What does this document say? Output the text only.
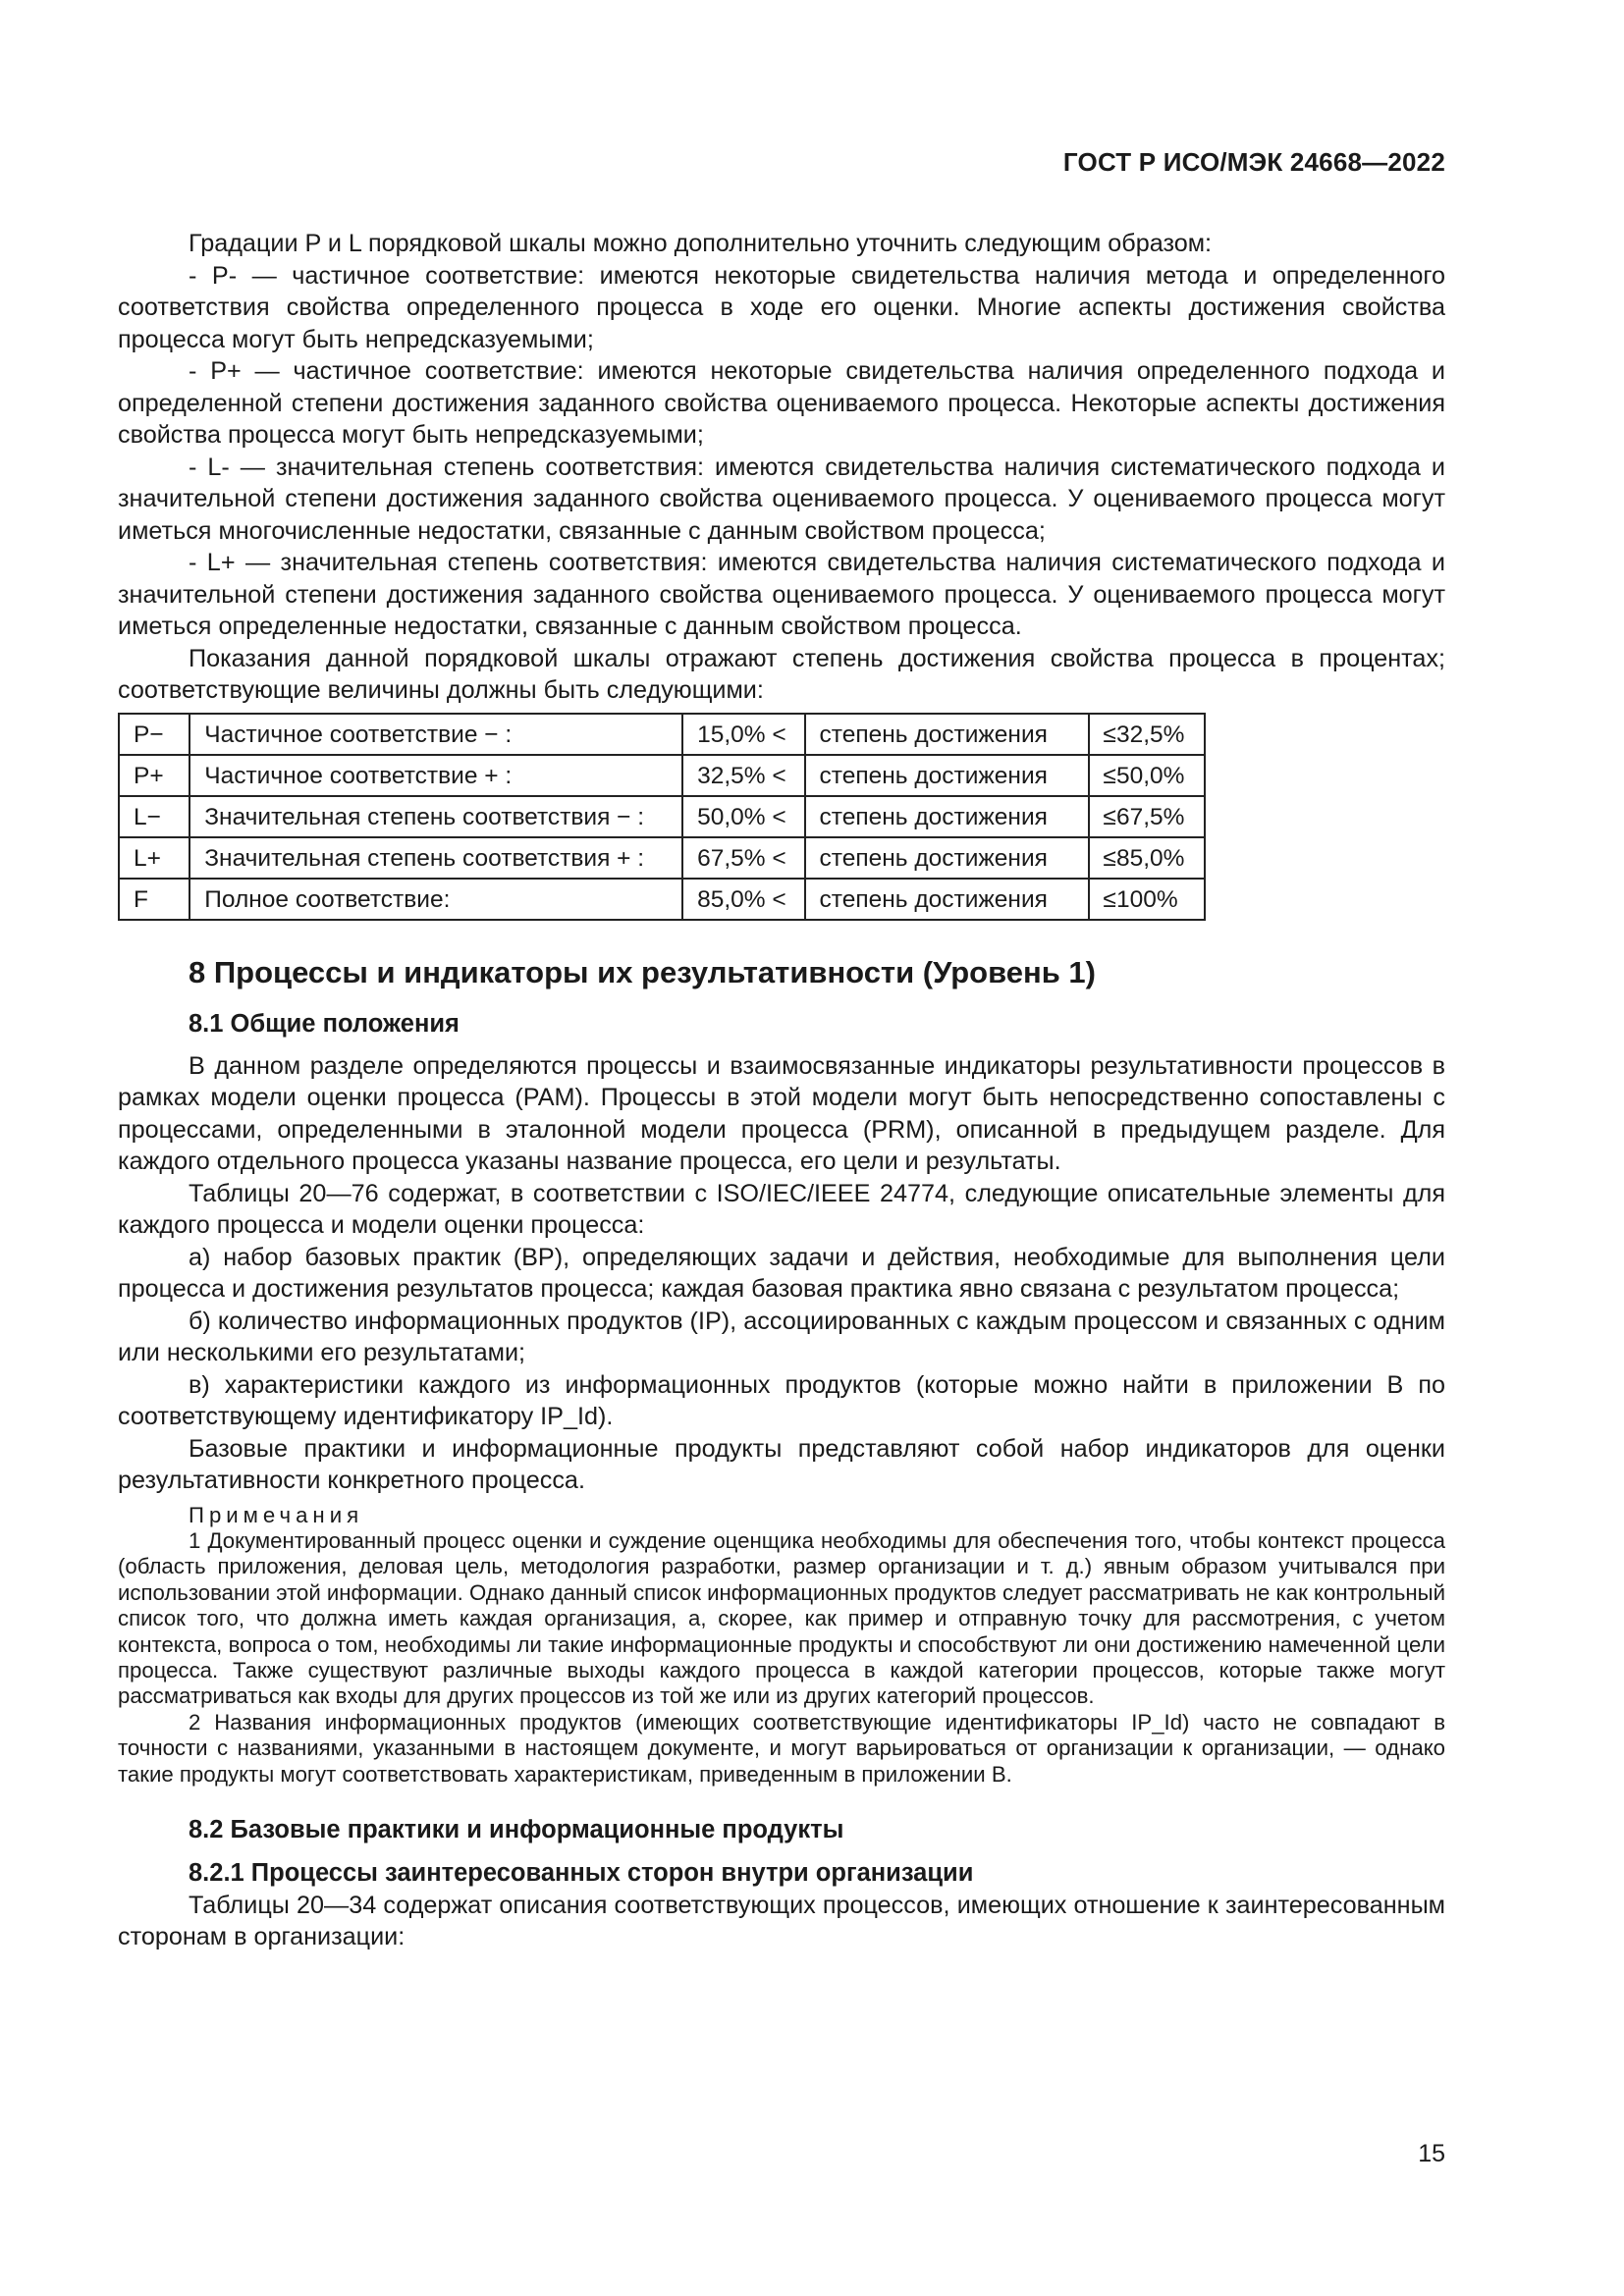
ГОСТ Р ИСО/МЭК 24668—2022

Градации P и L порядковой шкалы можно дополнительно уточнить следующим образом:

- P- — частичное соответствие: имеются некоторые свидетельства наличия метода и определенного соответствия свойства определенного процесса в ходе его оценки. Многие аспекты достижения свойства процесса могут быть непредсказуемыми;

- P+ — частичное соответствие: имеются некоторые свидетельства наличия определенного подхода и определенной степени достижения заданного свойства оцениваемого процесса. Некоторые аспекты достижения свойства процесса могут быть непредсказуемыми;

- L- — значительная степень соответствия: имеются свидетельства наличия систематического подхода и значительной степени достижения заданного свойства оцениваемого процесса. У оцениваемого процесса могут иметься многочисленные недостатки, связанные с данным свойством процесса;

- L+ — значительная степень соответствия: имеются свидетельства наличия систематического подхода и значительной степени достижения заданного свойства оцениваемого процесса. У оцениваемого процесса могут иметься определенные недостатки, связанные с данным свойством процесса.

Показания данной порядковой шкалы отражают степень достижения свойства процесса в процентах; соответствующие величины должны быть следующими:

P−	Частичное соответствие − :	15,0% <	степень достижения	≤32,5%
P+	Частичное соответствие + :	32,5% <	степень достижения	≤50,0%
L−	Значительная степень соответствия − :	50,0% <	степень достижения	≤67,5%
L+	Значительная степень соответствия + :	67,5% <	степень достижения	≤85,0%
F	Полное соответствие:	85,0% <	степень достижения	≤100%
8 Процессы и индикаторы их результативности (Уровень 1)
8.1 Общие положения

В данном разделе определяются процессы и взаимосвязанные индикаторы результативности процессов в рамках модели оценки процесса (PAM). Процессы в этой модели могут быть непосредственно сопоставлены с процессами, определенными в эталонной модели процесса (PRM), описанной в предыдущем разделе. Для каждого отдельного процесса указаны название процесса, его цели и результаты.

Таблицы 20—76 содержат, в соответствии с ISO/IEC/IEEE 24774, следующие описательные элементы для каждого процесса и модели оценки процесса:

а) набор базовых практик (BP), определяющих задачи и действия, необходимые для выполнения цели процесса и достижения результатов процесса; каждая базовая практика явно связана с результатом процесса;

б) количество информационных продуктов (IP), ассоциированных с каждым процессом и связанных с одним или несколькими его результатами;

в) характеристики каждого из информационных продуктов (которые можно найти в приложении В по соответствующему идентификатору IP_Id).

Базовые практики и информационные продукты представляют собой набор индикаторов для оценки результативности конкретного процесса.

Примечания

1 Документированный процесс оценки и суждение оценщика необходимы для обеспечения того, чтобы контекст процесса (область приложения, деловая цель, методология разработки, размер организации и т. д.) явным образом учитывался при использовании этой информации. Однако данный список информационных продуктов следует рассматривать не как контрольный список того, что должна иметь каждая организация, а, скорее, как пример и отправную точку для рассмотрения, с учетом контекста, вопроса о том, необходимы ли такие информационные продукты и способствуют ли они достижению намеченной цели процесса. Также существуют различные выходы каждого процесса в каждой категории процессов, которые также могут рассматриваться как входы для других процессов из той же или из других категорий процессов.

2 Названия информационных продуктов (имеющих соответствующие идентификаторы IP_Id) часто не совпадают в точности с названиями, указанными в настоящем документе, и могут варьироваться от организации к организации, — однако такие продукты могут соответствовать характеристикам, приведенным в приложении В.

8.2 Базовые практики и информационные продукты
8.2.1 Процессы заинтересованных сторон внутри организации

Таблицы 20—34 содержат описания соответствующих процессов, имеющих отношение к заинтересованным сторонам в организации:

15
